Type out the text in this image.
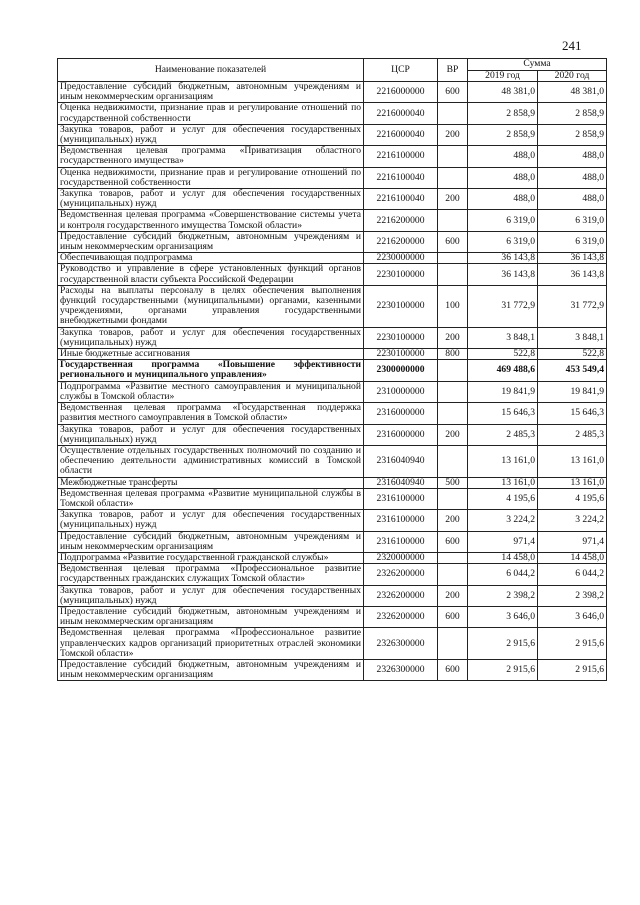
241
Наименование показателей	ЦСР	ВР	Сумма	
			2019 год	2020 год
Предоставление субсидий бюджетным, автономным учреждениям и иным некоммерческим организациям	2216000000	600	48 381,0	48 381,0
Оценка недвижимости, признание прав и регулирование отношений по государственной собственности	2216000040		2 858,9	2 858,9
Закупка товаров, работ и услуг для обеспечения государственных (муниципальных) нужд	2216000040	200	2 858,9	2 858,9
Ведомственная целевая программа «Приватизация областного государственного имущества»	2216100000		488,0	488,0
Оценка недвижимости, признание прав и регулирование отношений по государственной собственности	2216100040		488,0	488,0
Закупка товаров, работ и услуг для обеспечения государственных (муниципальных) нужд	2216100040	200	488,0	488,0
Ведомственная целевая программа «Совершенствование системы учета и контроля государственного имущества Томской области»	2216200000		6 319,0	6 319,0
Предоставление субсидий бюджетным, автономным учреждениям и иным некоммерческим организациям	2216200000	600	6 319,0	6 319,0
Обеспечивающая подпрограмма	2230000000		36 143,8	36 143,8
Руководство и управление в сфере установленных функций органов государственной власти субъекта Российской Федерации	2230100000		36 143,8	36 143,8
Расходы на выплаты персоналу в целях обеспечения выполнения функций государственными (муниципальными) органами, казенными учреждениями, органами управления государственными внебюджетными фондами	2230100000	100	31 772,9	31 772,9
Закупка товаров, работ и услуг для обеспечения государственных (муниципальных) нужд	2230100000	200	3 848,1	3 848,1
Иные бюджетные ассигнования	2230100000	800	522,8	522,8
Государственная программа «Повышение эффективности регионального и муниципального управления»	2300000000		469 488,6	453 549,4
Подпрограмма «Развитие местного самоуправления и муниципальной службы в Томской области»	2310000000		19 841,9	19 841,9
Ведомственная целевая программа «Государственная поддержка развития местного самоуправления в Томской области»	2316000000		15 646,3	15 646,3
Закупка товаров, работ и услуг для обеспечения государственных (муниципальных) нужд	2316000000	200	2 485,3	2 485,3
Осуществление отдельных государственных полномочий по созданию и обеспечению деятельности административных комиссий в Томской области	2316040940		13 161,0	13 161,0
Межбюджетные трансферты	2316040940	500	13 161,0	13 161,0
Ведомственная целевая программа «Развитие муниципальной службы в Томской области»	2316100000		4 195,6	4 195,6
Закупка товаров, работ и услуг для обеспечения государственных (муниципальных) нужд	2316100000	200	3 224,2	3 224,2
Предоставление субсидий бюджетным, автономным учреждениям и иным некоммерческим организациям	2316100000	600	971,4	971,4
Подпрограмма «Развитие государственной гражданской службы»	2320000000		14 458,0	14 458,0
Ведомственная целевая программа «Профессиональное развитие государственных гражданских служащих Томской области»	2326200000		6 044,2	6 044,2
Закупка товаров, работ и услуг для обеспечения государственных (муниципальных) нужд	2326200000	200	2 398,2	2 398,2
Предоставление субсидий бюджетным, автономным учреждениям и иным некоммерческим организациям	2326200000	600	3 646,0	3 646,0
Ведомственная целевая программа «Профессиональное развитие управленческих кадров организаций приоритетных отраслей экономики Томской области»	2326300000		2 915,6	2 915,6
Предоставление субсидий бюджетным, автономным учреждениям и иным некоммерческим организациям	2326300000	600	2 915,6	2 915,6
